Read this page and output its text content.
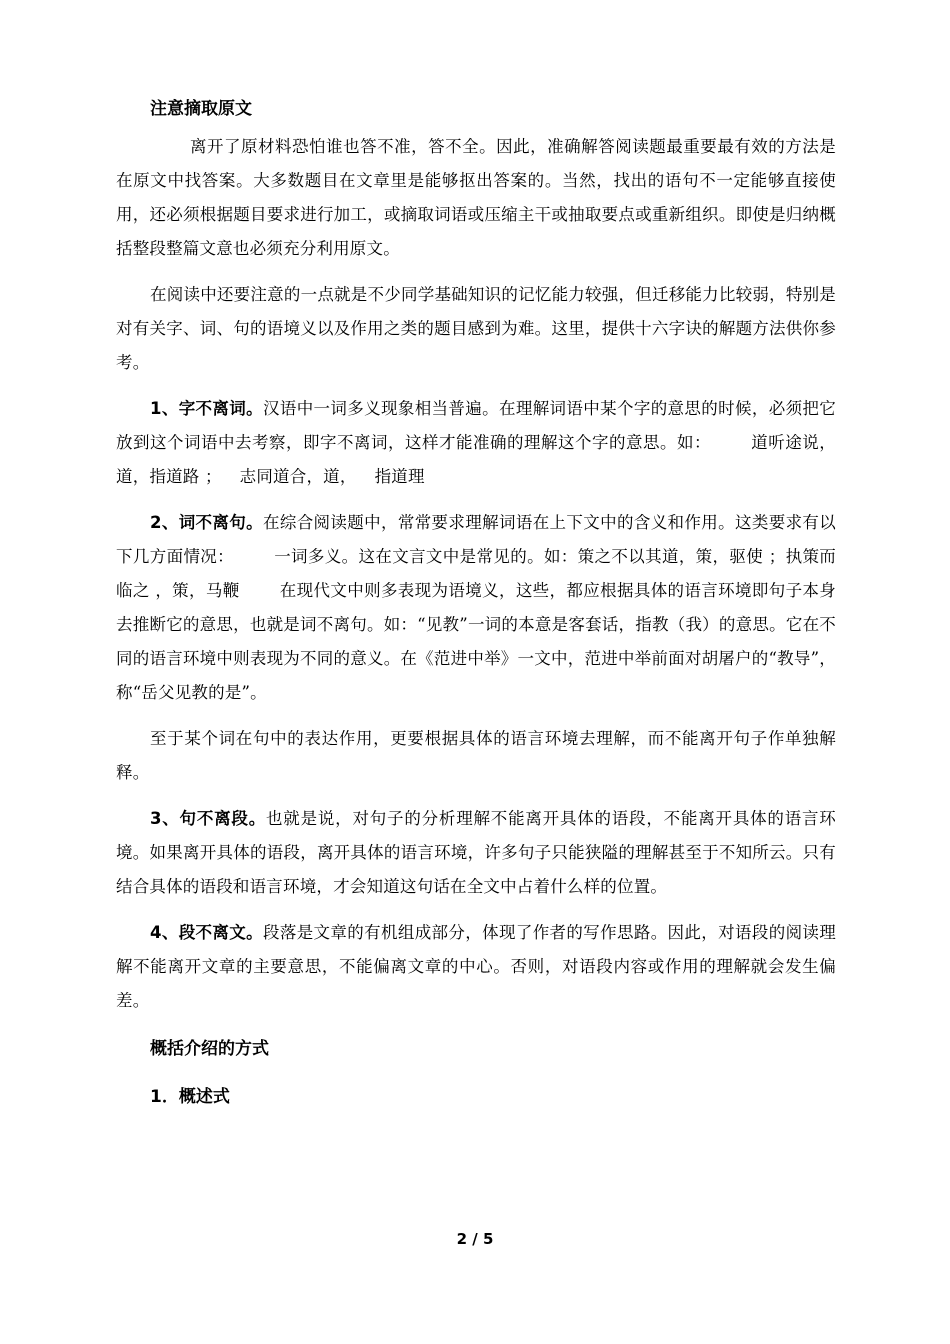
注意摘取原文

离开了原材料恐怕谁也答不准，答不全。因此，准确解答阅读题最重要最有效的方法是在原文中找答案。大多数题目在文章里是能够抠出答案的。当然，找出的语句不一定能够直接使用，还必须根据题目要求进行加工，或摘取词语或压缩主干或抽取要点或重新组织。即使是归纳概括整段整篇文意也必须充分利用原文。

在阅读中还要注意的一点就是不少同学基础知识的记忆能力较强，但迁移能力比较弱，特别是对有关字、词、句的语境义以及作用之类的题目感到为难。这里，提供十六字诀的解题方法供你参考。

1、字不离词。汉语中一词多义现象相当普遍。在理解词语中某个字的意思的时候，必须把它放到这个词语中去考察，即字不离词，这样才能准确的理解这个字的意思。如： 道听途说，道，指道路 ； 志同道合，道， 指道理

2、词不离句。在综合阅读题中，常常要求理解词语在上下文中的含义和作用。这类要求有以下几方面情况： 一词多义。这在文言文中是常见的。如：策之不以其道，策，驱使 ；执策而临之 ，策，马鞭 在现代文中则多表现为语境义，这些，都应根据具体的语言环境即句子本身去推断它的意思，也就是词不离句。如：“见教”一词的本意是客套话，指教（我）的意思。它在不同的语言环境中则表现为不同的意义。在《范进中举》一文中，范进中举前面对胡屠户的“教导”，称“岳父见教的是”。

至于某个词在句中的表达作用，更要根据具体的语言环境去理解，而不能离开句子作单独解释。

3、句不离段。也就是说，对句子的分析理解不能离开具体的语段，不能离开具体的语言环境。如果离开具体的语段，离开具体的语言环境，许多句子只能狭隘的理解甚至于不知所云。只有结合具体的语段和语言环境，才会知道这句话在全文中占着什么样的位置。

4、段不离文。段落是文章的有机组成部分，体现了作者的写作思路。因此，对语段的阅读理解不能离开文章的主要意思，不能偏离文章的中心。否则，对语段内容或作用的理解就会发生偏差。

概括介绍的方式
1．概述式
2 / 5
